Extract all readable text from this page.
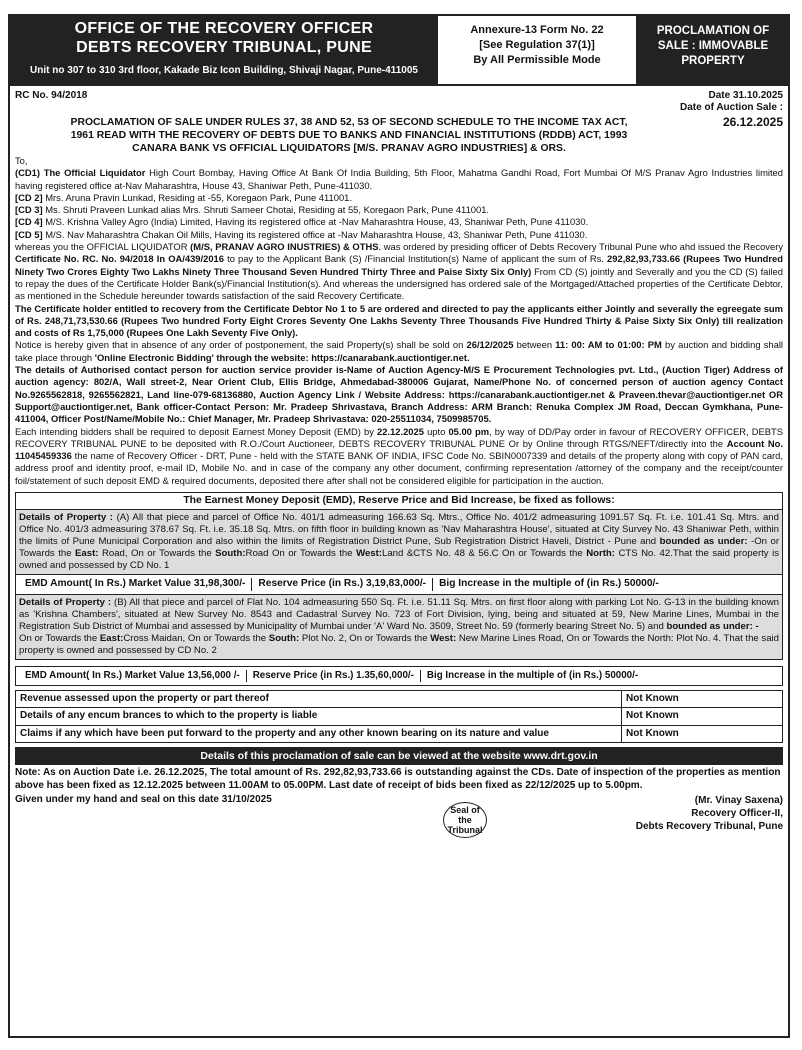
OFFICE OF THE RECOVERY OFFICER
DEBTS RECOVERY TRIBUNAL, PUNE
Unit no 307 to 310 3rd floor, Kakade Biz Icon Building, Shivaji Nagar, Pune-411005
Annexure-13 Form No. 22
[See Regulation 37(1)]
By All Permissible Mode
PROCLAMATION OF
SALE : IMMOVABLE
PROPERTY
RC No. 94/2018	Date 31.10.2025
Date of Auction Sale :
PROCLAMATION OF SALE UNDER RULES 37, 38 AND 52, 53 OF SECOND SCHEDULE TO THE INCOME TAX ACT,
1961 READ WITH THE RECOVERY OF DEBTS DUE TO BANKS AND FINANCIAL INSTITUTIONS (RDDB) ACT, 1993
CANARA BANK VS OFFICIAL LIQUIDATORS [M/S. PRANAV AGRO INDUSTRIES] & ORS.
26.12.2025
To,

(CD1) The Official Liquidator High Court Bombay, Having Office At Bank Of India Building, 5th Floor, Mahatma Gandhi Road, Fort Mumbai Of M/S Pranav Agro Industries limited having registered office at-Nav Maharashtra, House 43, Shaniwar Peth, Pune-411030.

[CD 2] Mrs. Aruna Pravin Lunkad, Residing at -55, Koregaon Park, Pune 411001.

[CD 3] Ms. Shruti Praveen Lunkad alias Mrs. Shruti Sameer Chotai, Residing at 55, Koregaon Park, Pune 411001.

[CD 4] M/S. Krishna Valley Agro (India) Limited, Having its registered office at -Nav Maharashtra House, 43, Shaniwar Peth, Pune 411030.

[CD 5] M/S. Nav Maharashtra Chakan Oil Mills, Having its registered office at -Nav Maharashtra House, 43, Shaniwar Peth, Pune 411030.

whereas you the OFFICIAL LIQUIDATOR (M/S, PRANAV AGRO INUSTRIES) & OTHS. was ordered by presiding officer of Debts Recovery Tribunal Pune who ahd issued the Recovery Certificate No. RC. No. 94/2018 In OA/439/2016 to pay to the Applicant Bank (S) /Financial Institution(s) Name of applicant the sum of Rs. 292,82,93,733.66 (Rupees Two Hundred Ninety Two Crores Eighty Two Lakhs Ninety Three Thousand Seven Hundred Thirty Three and Paise Sixty Six Only) From CD (S) jointly and Severally and you the CD (S) failed to repay the dues of the Certificate Holder Bank(s)/Financial Institution(s). And whereas the undersigned has ordered sale of the Mortgaged/Attached properties of the Certificate Debtor, as mentioned in the Schedule hereunder towards satisfaction of the said Recovery Certificate.

The Certificate holder entitled to recovery from the Certificate Debtor No 1 to 5 are ordered and directed to pay the applicants either Jointly and severally the egreegate sum of Rs. 248,71,73,530.66 (Rupees Two hundred Forty Eight Crores Seventy One Lakhs Seventy Three Thousands Five Hundred Thirty & Paise Sixty Six Only) till realization and costs of Rs 1,75,000 (Rupees One Lakh Seventy Five Only).

Notice is hereby given that in absence of any order of postponement, the said Property(s) shall be sold on 26/12/2025 between 11: 00: AM to 01:00: PM by auction and bidding shall take place through 'Online Electronic Bidding' through the website: https://canarabank.auctiontiger.net.

The details of Authorised contact person for auction service provider is-Name of Auction Agency-M/S E Procurement Technologies pvt. Ltd., (Auction Tiger) Address of auction agency: 802/A, Wall street-2, Near Orient Club, Ellis Bridge, Ahmedabad-380006 Gujarat, Name/Phone No. of concerned person of auction agency Contact No.9265562818, 9265562821, Land line-079-68136880, Auction Agency Link / Website Address: https://canarabank.auctiontiger.net & Praveen.thevar@auctiontiger.net OR Support@auctiontiger.net, Bank officer-Contact Person: Mr. Pradeep Shrivastava, Branch Address: ARM Branch: Renuka Complex JM Road, Deccan Gymkhana, Pune-411004, Officer Post/Name/Mobile No.: Chief Manager, Mr. Pradeep Shrivastava: 020-25511034, 7509985705.

Each intending bidders shall be required to deposit Earnest Money Deposit (EMD) by 22.12.2025 upto 05.00 pm, by way of DD/Pay order in favour of RECOVERY OFFICER, DEBTS RECOVERY TRIBUNAL PUNE to be deposited with R.O./Court Auctioneer, DEBTS RECOVERY TRIBUNAL PUNE Or by Online through RTGS/NEFT/directly into the Account No. 11045459336 the name of Recovery Officer - DRT, Pune - held with the STATE BANK OF INDIA, IFSC Code No. SBIN0007339 and details of the property along with copy of PAN card, address proof and identity proof, e-mail ID, Mobile No. and in case of the company any other document, confirming representation /attorney of the company and the receipt/counter foil/statement of such deposit EMD & required documents, deposited there after shall not be considered eligible for participation in the auction.

The Earnest Money Deposit (EMD), Reserve Price and Bid Increase, be fixed as follows:
Details of Property : (A) All that piece and parcel of Office No. 401/1 admeasuring 166.63 Sq. Mtrs., Office No. 401/2 admeasuring 1091.57 Sq. Ft. i.e. 101.41 Sq. Mtrs. and Office No. 401/3 admeasuring 378.67 Sq. Ft. i.e. 35.18 Sq. Mtrs. on fifth floor in building known as 'Nav Maharashtra House', situated at City Survey No. 43 Shaniwar Peth, within the limits of Pune Municipal Corporation and also within the limits of Registration District Pune, Sub Registration District Haveli, District - Pune and bounded as under: -On or Towards the East: Road, On or Towards the South:Road On or Towards the West:Land &CTS No. 48 & 56.C On or Towards the North: CTS No. 42.That the said property is owned and possessed by CD No. 1
EMD Amount( In Rs.) Market Value 31,98,300/-	Reserve Price (in Rs.) 3,19,83,000/-	Big Increase in the multiple of (in Rs.) 50000/-
Details of Property : (B) All that piece and parcel of Flat No. 104 admeasuring 550 Sq. Ft. i.e. 51.11 Sq. Mtrs. on first floor along with parking Lot No. G-13 in the building known as 'Krishna Chambers', situated at New Survey No. 8543 and Cadastral Survey No. 723 of Fort Division, lying, being and situated at 59, New Marine Lines, Mumbai in the Registration Sub District of Mumbai and assessed by Municipality of Mumbai under 'A' Ward No. 3509, Street No. 59 (formerly bearing Street No. 5) and bounded as under: -
On or Towards the East:Cross Maidan, On or Towards the South: Plot No. 2, On or Towards the West: New Marine Lines Road, On or Towards the North: Plot No. 4. That the said property is owned and possessed by CD No. 2
EMD Amount( In Rs.) Market Value 13,56,000 /-	Reserve Price (in Rs.) 1.35,60,000/-	Big Increase in the multiple of (in Rs.) 50000/-
Revenue assessed upon the property or part thereof	Not Known
Details of any encum brances to which to the property is liable	Not Known
Claims if any which have been put forward to the property and any other known bearing on its nature and value	Not Known
Details of this proclamation of sale can be viewed at the website www.drt.gov.in
Note: As on Auction Date i.e. 26.12.2025, The total amount of Rs. 292,82,93,733.66 is outstanding against the CDs. Date of inspection of the properties as mention above has been fixed as 12.12.2025 between 11.00AM to 05.00PM. Last date of receipt of bids been fixed as 22/12/2025 up to 5.00pm.
Given under my hand and seal on this date 31/10/2025
Seal of
the
Tribunal
(Mr. Vinay Saxena)
Recovery Officer-II,
Debts Recovery Tribunal, Pune
